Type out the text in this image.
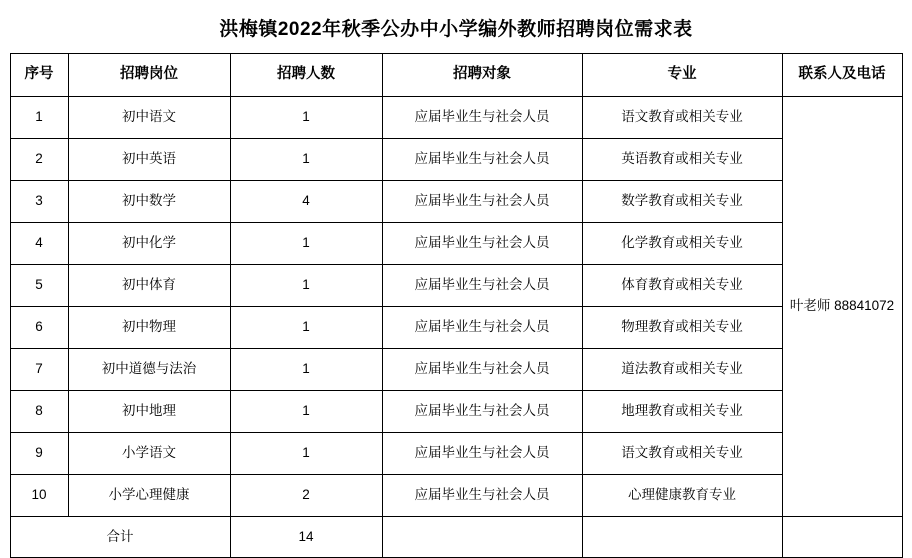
洪梅镇2022年秋季公办中小学编外教师招聘岗位需求表
序号	招聘岗位	招聘人数	招聘对象	专业	联系人及电话
1	初中语文	1	应届毕业生与社会人员	语文教育或相关专业	叶老师 88841072
2	初中英语	1	应届毕业生与社会人员	英语教育或相关专业	
3	初中数学	4	应届毕业生与社会人员	数学教育或相关专业	
4	初中化学	1	应届毕业生与社会人员	化学教育或相关专业	
5	初中体育	1	应届毕业生与社会人员	体育教育或相关专业	
6	初中物理	1	应届毕业生与社会人员	物理教育或相关专业	
7	初中道德与法治	1	应届毕业生与社会人员	道法教育或相关专业	
8	初中地理	1	应届毕业生与社会人员	地理教育或相关专业	
9	小学语文	1	应届毕业生与社会人员	语文教育或相关专业	
10	小学心理健康	2	应届毕业生与社会人员	心理健康教育专业	
合计		14			
